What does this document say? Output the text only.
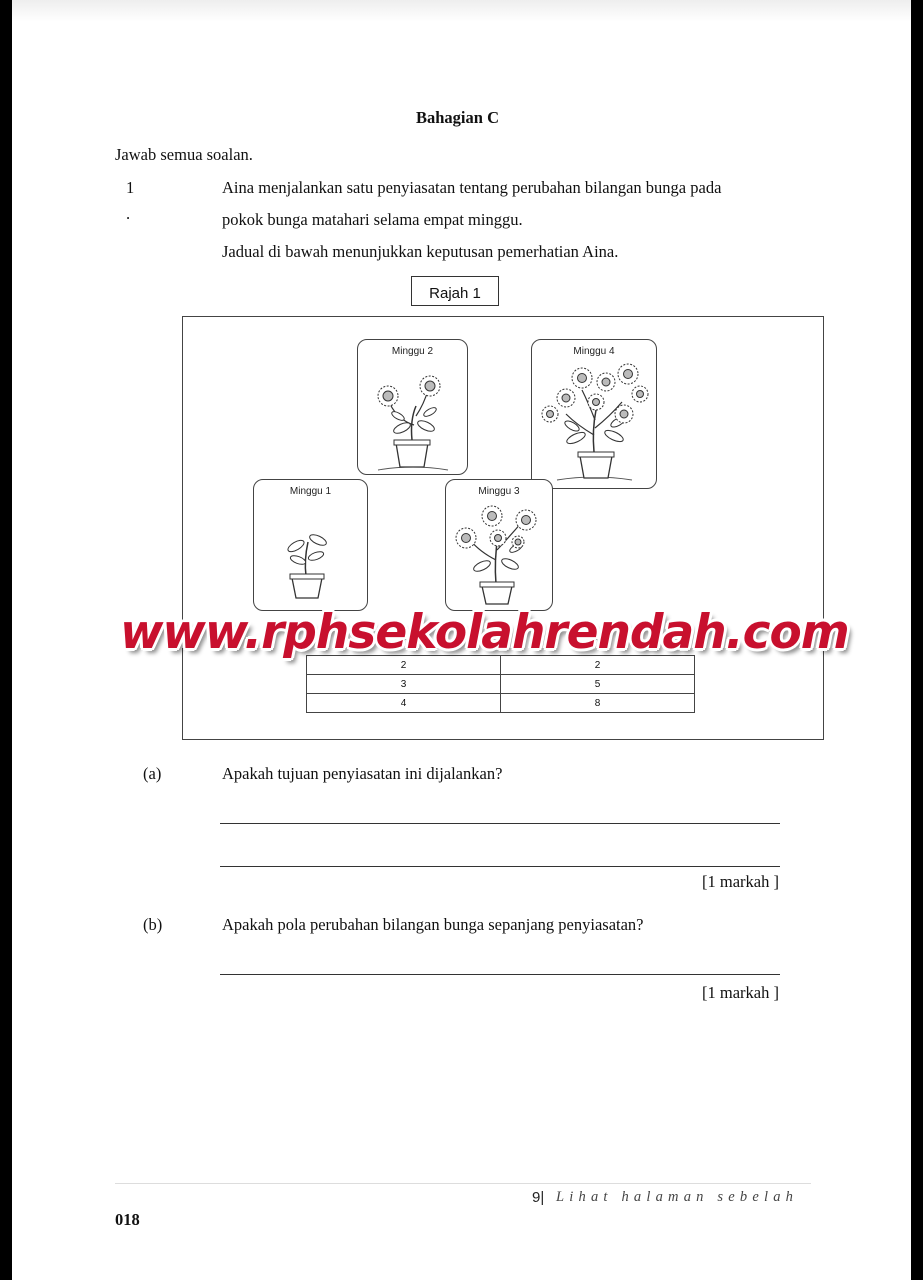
Bahagian C
Jawab semua soalan.
1
.
Aina menjalankan satu penyiasatan tentang perubahan bilangan bunga pada
pokok bunga matahari selama empat minggu.
Jadual di bawah menunjukkan keputusan pemerhatian Aina.
Rajah 1
Minggu 2	Minggu 4
Minggu 1	Minggu 3
2	2
3	5
4	8
www.rphsekolahrendah.com
(a)	Apakah tujuan penyiasatan ini dijalankan?
[1 markah ]
(b)	Apakah pola perubahan bilangan bunga sepanjang penyiasatan?
[1 markah ]
9| Lihat halaman sebelah
018
